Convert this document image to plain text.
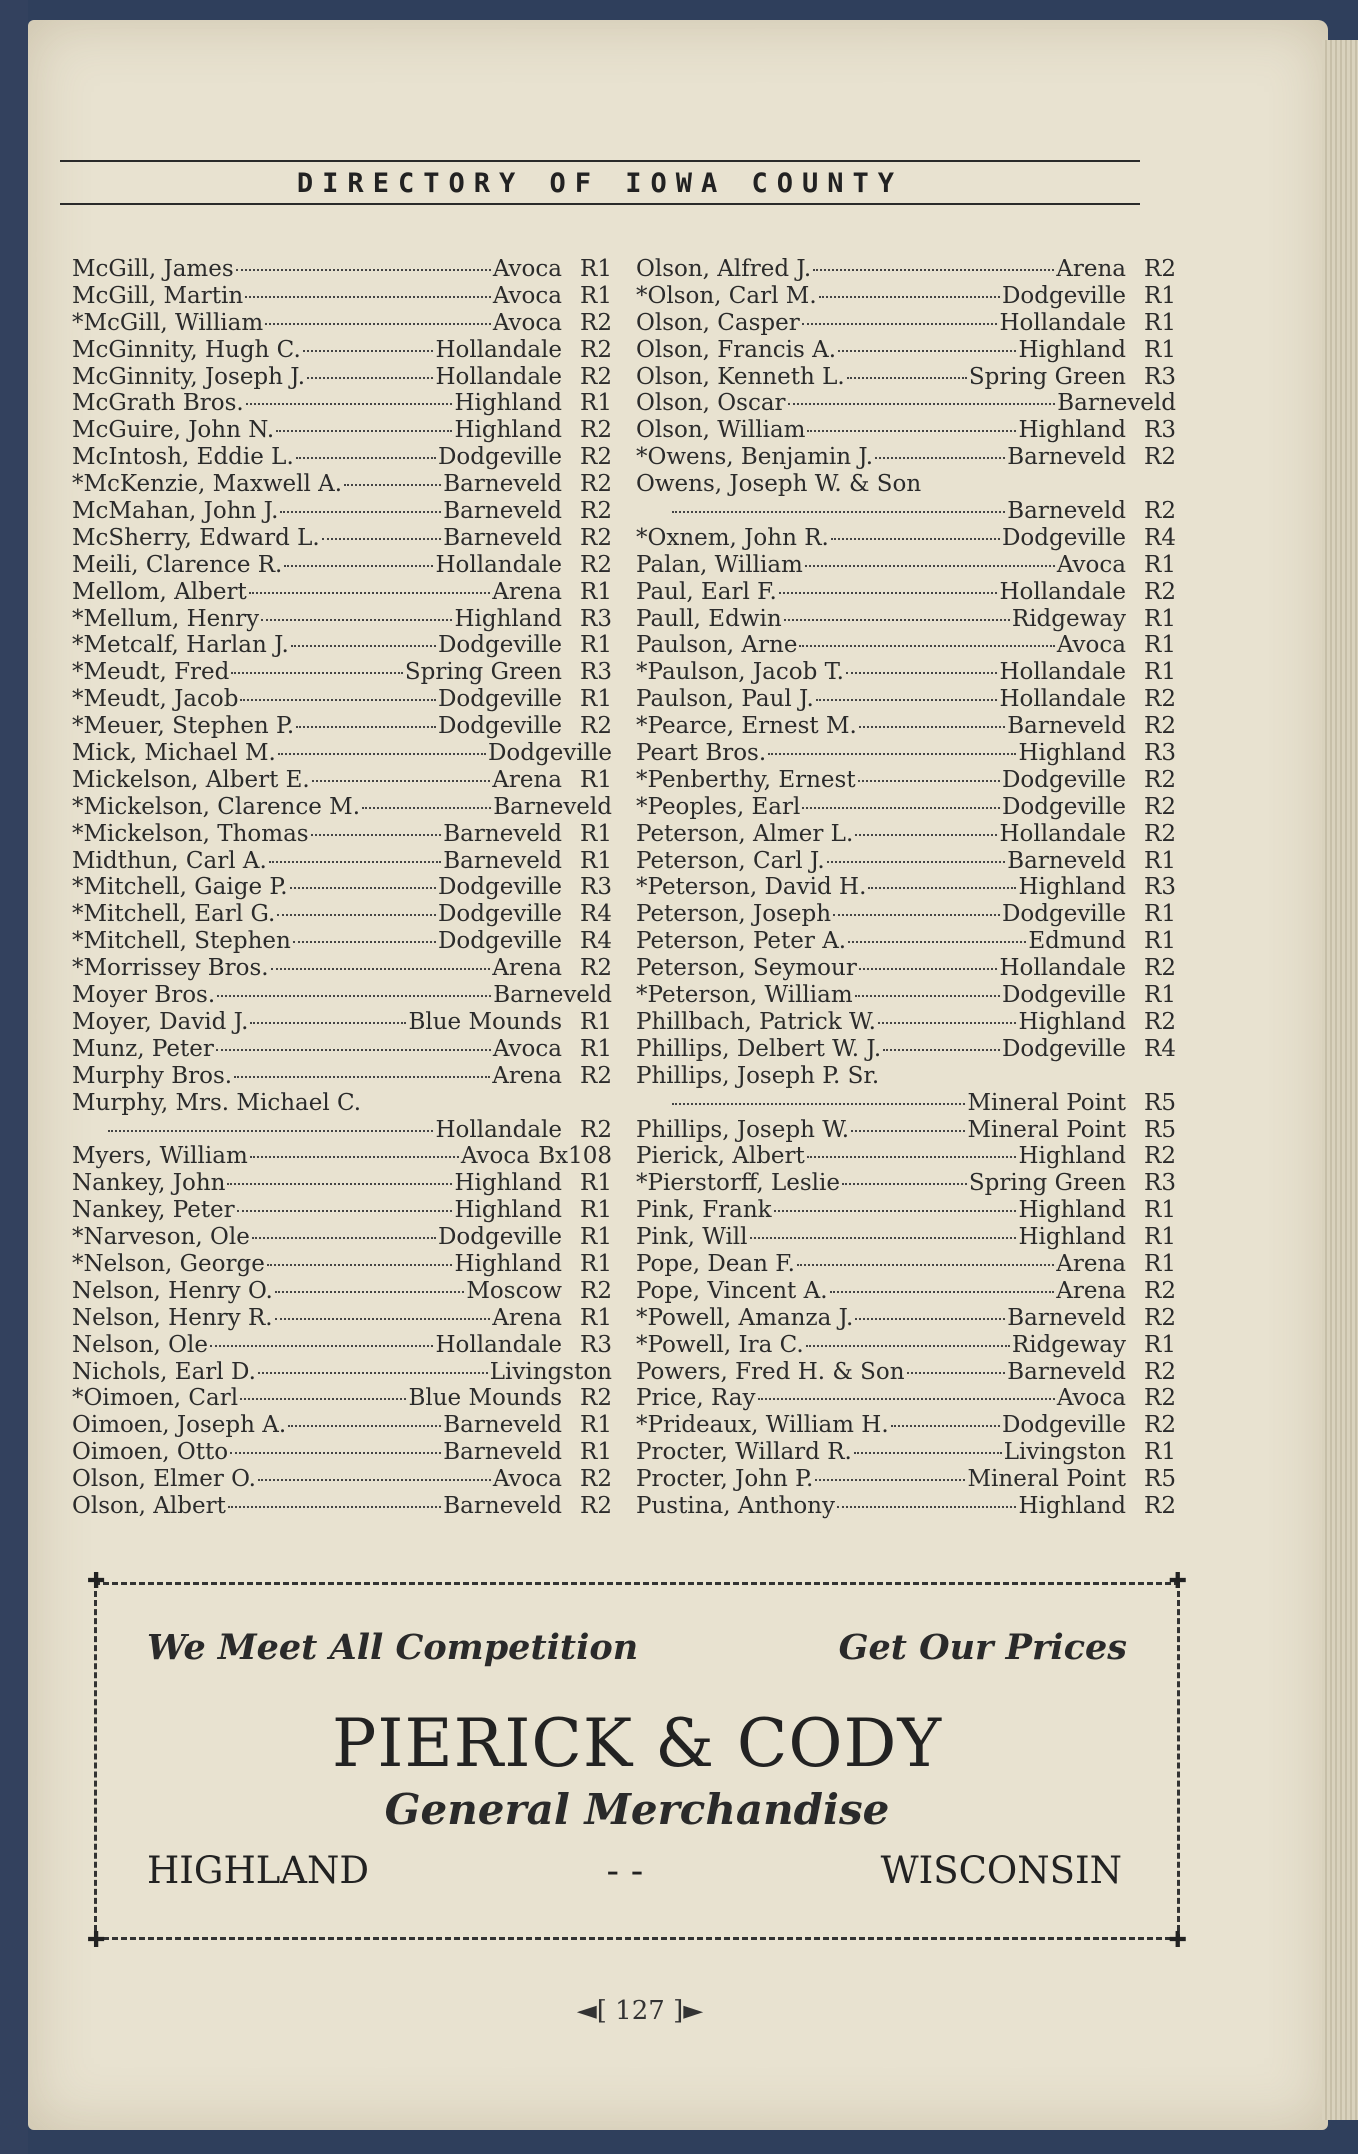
DIRECTORY OF IOWA COUNTY
McGill, James	Avoca R1
McGill, Martin	Avoca R1
*McGill, William	Avoca R2
McGinnity, Hugh C.	Hollandale R2
McGinnity, Joseph J.	Hollandale R2
McGrath Bros.	Highland R1
McGuire, John N.	Highland R2
McIntosh, Eddie L.	Dodgeville R2
*McKenzie, Maxwell A.	Barneveld R2
McMahan, John J.	Barneveld R2
McSherry, Edward L.	Barneveld R2
Meili, Clarence R.	Hollandale R2
Mellom, Albert	Arena R1
*Mellum, Henry	Highland R3
*Metcalf, Harlan J.	Dodgeville R1
*Meudt, Fred	Spring Green R3
*Meudt, Jacob	Dodgeville R1
*Meuer, Stephen P.	Dodgeville R2
Mick, Michael M.	Dodgeville
Mickelson, Albert E.	Arena R1
*Mickelson, Clarence M.	Barneveld
*Mickelson, Thomas	Barneveld R1
Midthun, Carl A.	Barneveld R1
*Mitchell, Gaige P.	Dodgeville R3
*Mitchell, Earl G.	Dodgeville R4
*Mitchell, Stephen	Dodgeville R4
*Morrissey Bros.	Arena R2
Moyer Bros.	Barneveld
Moyer, David J.	Blue Mounds R1
Munz, Peter	Avoca R1
Murphy Bros.	Arena R2
Murphy, Mrs. Michael C.
Hollandale R2
Myers, William	Avoca Bx108
Nankey, John	Highland R1
Nankey, Peter	Highland R1
*Narveson, Ole	Dodgeville R1
*Nelson, George	Highland R1
Nelson, Henry O.	Moscow R2
Nelson, Henry R.	Arena R1
Nelson, Ole	Hollandale R3
Nichols, Earl D.	Livingston
*Oimoen, Carl	Blue Mounds R2
Oimoen, Joseph A.	Barneveld R1
Oimoen, Otto	Barneveld R1
Olson, Elmer O.	Avoca R2
Olson, Albert	Barneveld R2
Olson, Alfred J.	Arena R2
*Olson, Carl M.	Dodgeville R1
Olson, Casper	Hollandale R1
Olson, Francis A.	Highland R1
Olson, Kenneth L.	Spring Green R3
Olson, Oscar	Barneveld
Olson, William	Highland R3
*Owens, Benjamin J.	Barneveld R2
Owens, Joseph W. & Son
Barneveld R2
*Oxnem, John R.	Dodgeville R4
Palan, William	Avoca R1
Paul, Earl F.	Hollandale R2
Paull, Edwin	Ridgeway R1
Paulson, Arne	Avoca R1
*Paulson, Jacob T.	Hollandale R1
Paulson, Paul J.	Hollandale R2
*Pearce, Ernest M.	Barneveld R2
Peart Bros.	Highland R3
*Penberthy, Ernest	Dodgeville R2
*Peoples, Earl	Dodgeville R2
Peterson, Almer L.	Hollandale R2
Peterson, Carl J.	Barneveld R1
*Peterson, David H.	Highland R3
Peterson, Joseph	Dodgeville R1
Peterson, Peter A.	Edmund R1
Peterson, Seymour	Hollandale R2
*Peterson, William	Dodgeville R1
Phillbach, Patrick W.	Highland R2
Phillips, Delbert W. J.	Dodgeville R4
Phillips, Joseph P. Sr.
Mineral Point R5
Phillips, Joseph W.	Mineral Point R5
Pierick, Albert	Highland R2
*Pierstorff, Leslie	Spring Green R3
Pink, Frank	Highland R1
Pink, Will	Highland R1
Pope, Dean F.	Arena R1
Pope, Vincent A.	Arena R2
*Powell, Amanza J.	Barneveld R2
*Powell, Ira C.	Ridgeway R1
Powers, Fred H. & Son	Barneveld R2
Price, Ray	Avoca R2
*Prideaux, William H.	Dodgeville R2
Procter, Willard R.	Livingston R1
Procter, John P.	Mineral Point R5
Pustina, Anthony	Highland R2
✚	✚
✚	✚
We Meet All Competition	Get Our Prices
PIERICK & CODY
General Merchandise
HIGHLAND	- -	WISCONSIN
◄[ 127 ]►
